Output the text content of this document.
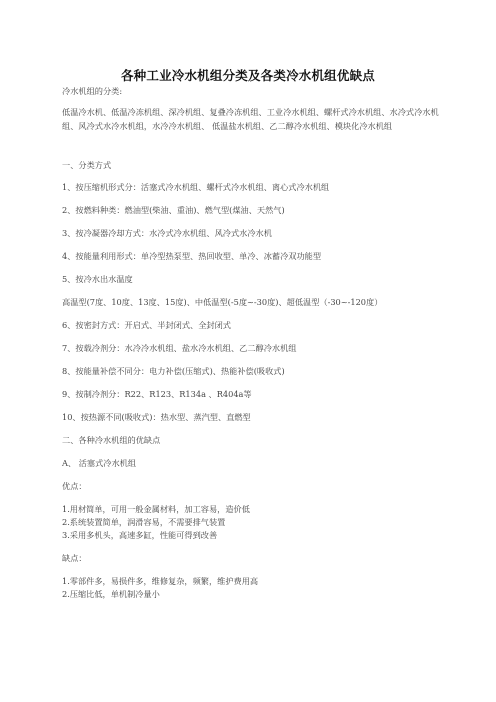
各种工业冷水机组分类及各类冷水机组优缺点
冷水机组的分类:
低温冷水机、低温冷冻机组、深冷机组、复叠冷冻机组、工业冷水机组、螺杆式冷水机组、水冷式冷水机组、风冷式水冷水机组，水冷冷水机组、 低温盐水机组、乙二醇冷水机组、模块化冷水机组
一、分类方式
1、按压缩机形式分：活塞式冷水机组、螺杆式冷水机组、离心式冷水机组
2、按燃料种类：燃油型(柴油、重油)、燃气型(煤油、天然气)
3、按冷凝器冷却方式：水冷式冷水机组、风冷式水冷水机
4、按能量利用形式：单冷型热泵型、热回收型、单冷、冰蓄冷双功能型
5、按冷水出水温度
高温型(7度、10度、13度、15度)、中低温型(-5度~-30度)、超低温型（-30~-120度）
6、按密封方式：开启式、半封闭式、全封闭式
7、按载冷剂分：水冷冷水机组、盐水冷水机组、乙二醇冷水机组
8、按能量补偿不同分：电力补偿(压缩式)、热能补偿(吸收式)
9、按制冷剂分：R22、R123、R134a 、R404a等
10、按热源不同(吸收式)：热水型、蒸汽型、直燃型
二、各种冷水机组的优缺点
A、 活塞式冷水机组
优点：
1.用材简单，可用一般金属材料，加工容易，造价低
2.系统装置简单，润滑容易，不需要排气装置
3.采用多机头，高速多缸，性能可得到改善
缺点：
1.零部件多，易损件多，维修复杂，频繁，维护费用高
2.压缩比低，单机制冷量小
